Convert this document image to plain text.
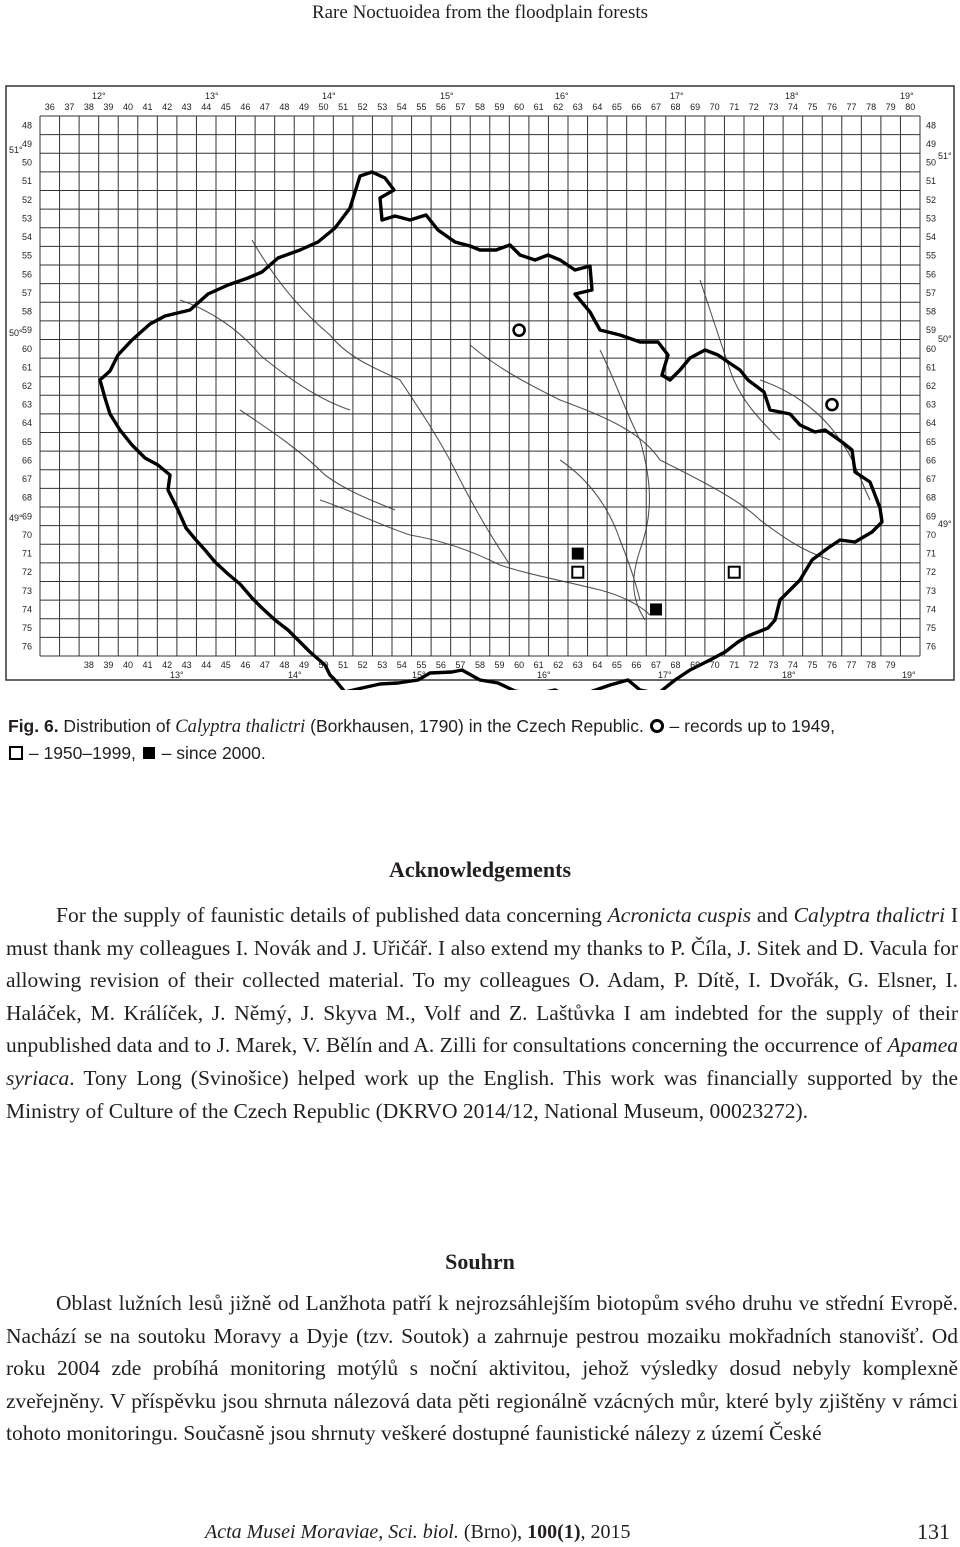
Rare Noctuoidea from the floodplain forests
36 37 38 39 40 41 42 43 44 45 46 47 48 49 50 51 52 53 54 55 56 57 58 59 60 61 62 63 64 65 66 67 68 69 70 71 72 73 74 75 76 77 78 79 80
38 39 40 41 42 43 44 45 46 47 48 49 50 51 52 53 54 55 56 57 58 59 60 61 62 63 64 65 66 67 68 69 70 71 72 73 74 75 76 77 78 79
48	48
49	49
50	50
51	51
52	52
53	53
54	54
55	55
56	56
57	57
58	58
59	59
60	60
61	61
62	62
63	63
64	64
65	65
66	66
67	67
68	68
69	69
70	70
71	71
72	72
73	73
74	74
75	75
76	76
12°	13°	14°	15°	16°	17°	18°	19°
13°	14°	15°	16°	17°	18°	19°
51°
51°
50°
50°
49°
49°
Fig. 6. Distribution of Calyptra thalictri (Borkhausen, 1790) in the Czech Republic.  – records up to 1949,
– 1950–1999,  – since 2000.
Acknowledgements

For the supply of faunistic details of published data concerning Acronicta cuspis and Calyptra thalictri I must thank my colleagues I. Novák and J. Uřičář. I also extend my thanks to P. Číla, J. Sitek and D. Vacula for allowing revision of their collected material. To my colleagues O. Adam, P. Dítě, I. Dvořák, G. Elsner, I. Haláček, M. Králíček, J. Němý, J. Skyva M., Volf and Z. Laštůvka I am indebted for the supply of their unpublished data and to J. Marek, V. Bělín and A. Zilli for consultations concerning the occurrence of Apamea syriaca. Tony Long (Svinošice) helped work up the English. This work was financially supported by the Ministry of Culture of the Czech Republic (DKRVO 2014/12, National Museum, 00023272).

Souhrn

Oblast lužních lesů jižně od Lanžhota patří k nejrozsáhlejším biotopům svého druhu ve střední Evropě. Nachází se na soutoku Moravy a Dyje (tzv. Soutok) a zahrnuje pestrou mozaiku mokřadních stanovišť. Od roku 2004 zde probíhá monitoring motýlů s noční aktivitou, jehož výsledky dosud nebyly komplexně zveřejněny. V příspěvku jsou shrnuta nálezová data pěti regionálně vzácných můr, které byly zjištěny v rámci tohoto monitoringu. Současně jsou shrnuty veškeré dostupné faunistické nálezy z území České

Acta Musei Moraviae, Sci. biol. (Brno), 100(1), 2015	131
